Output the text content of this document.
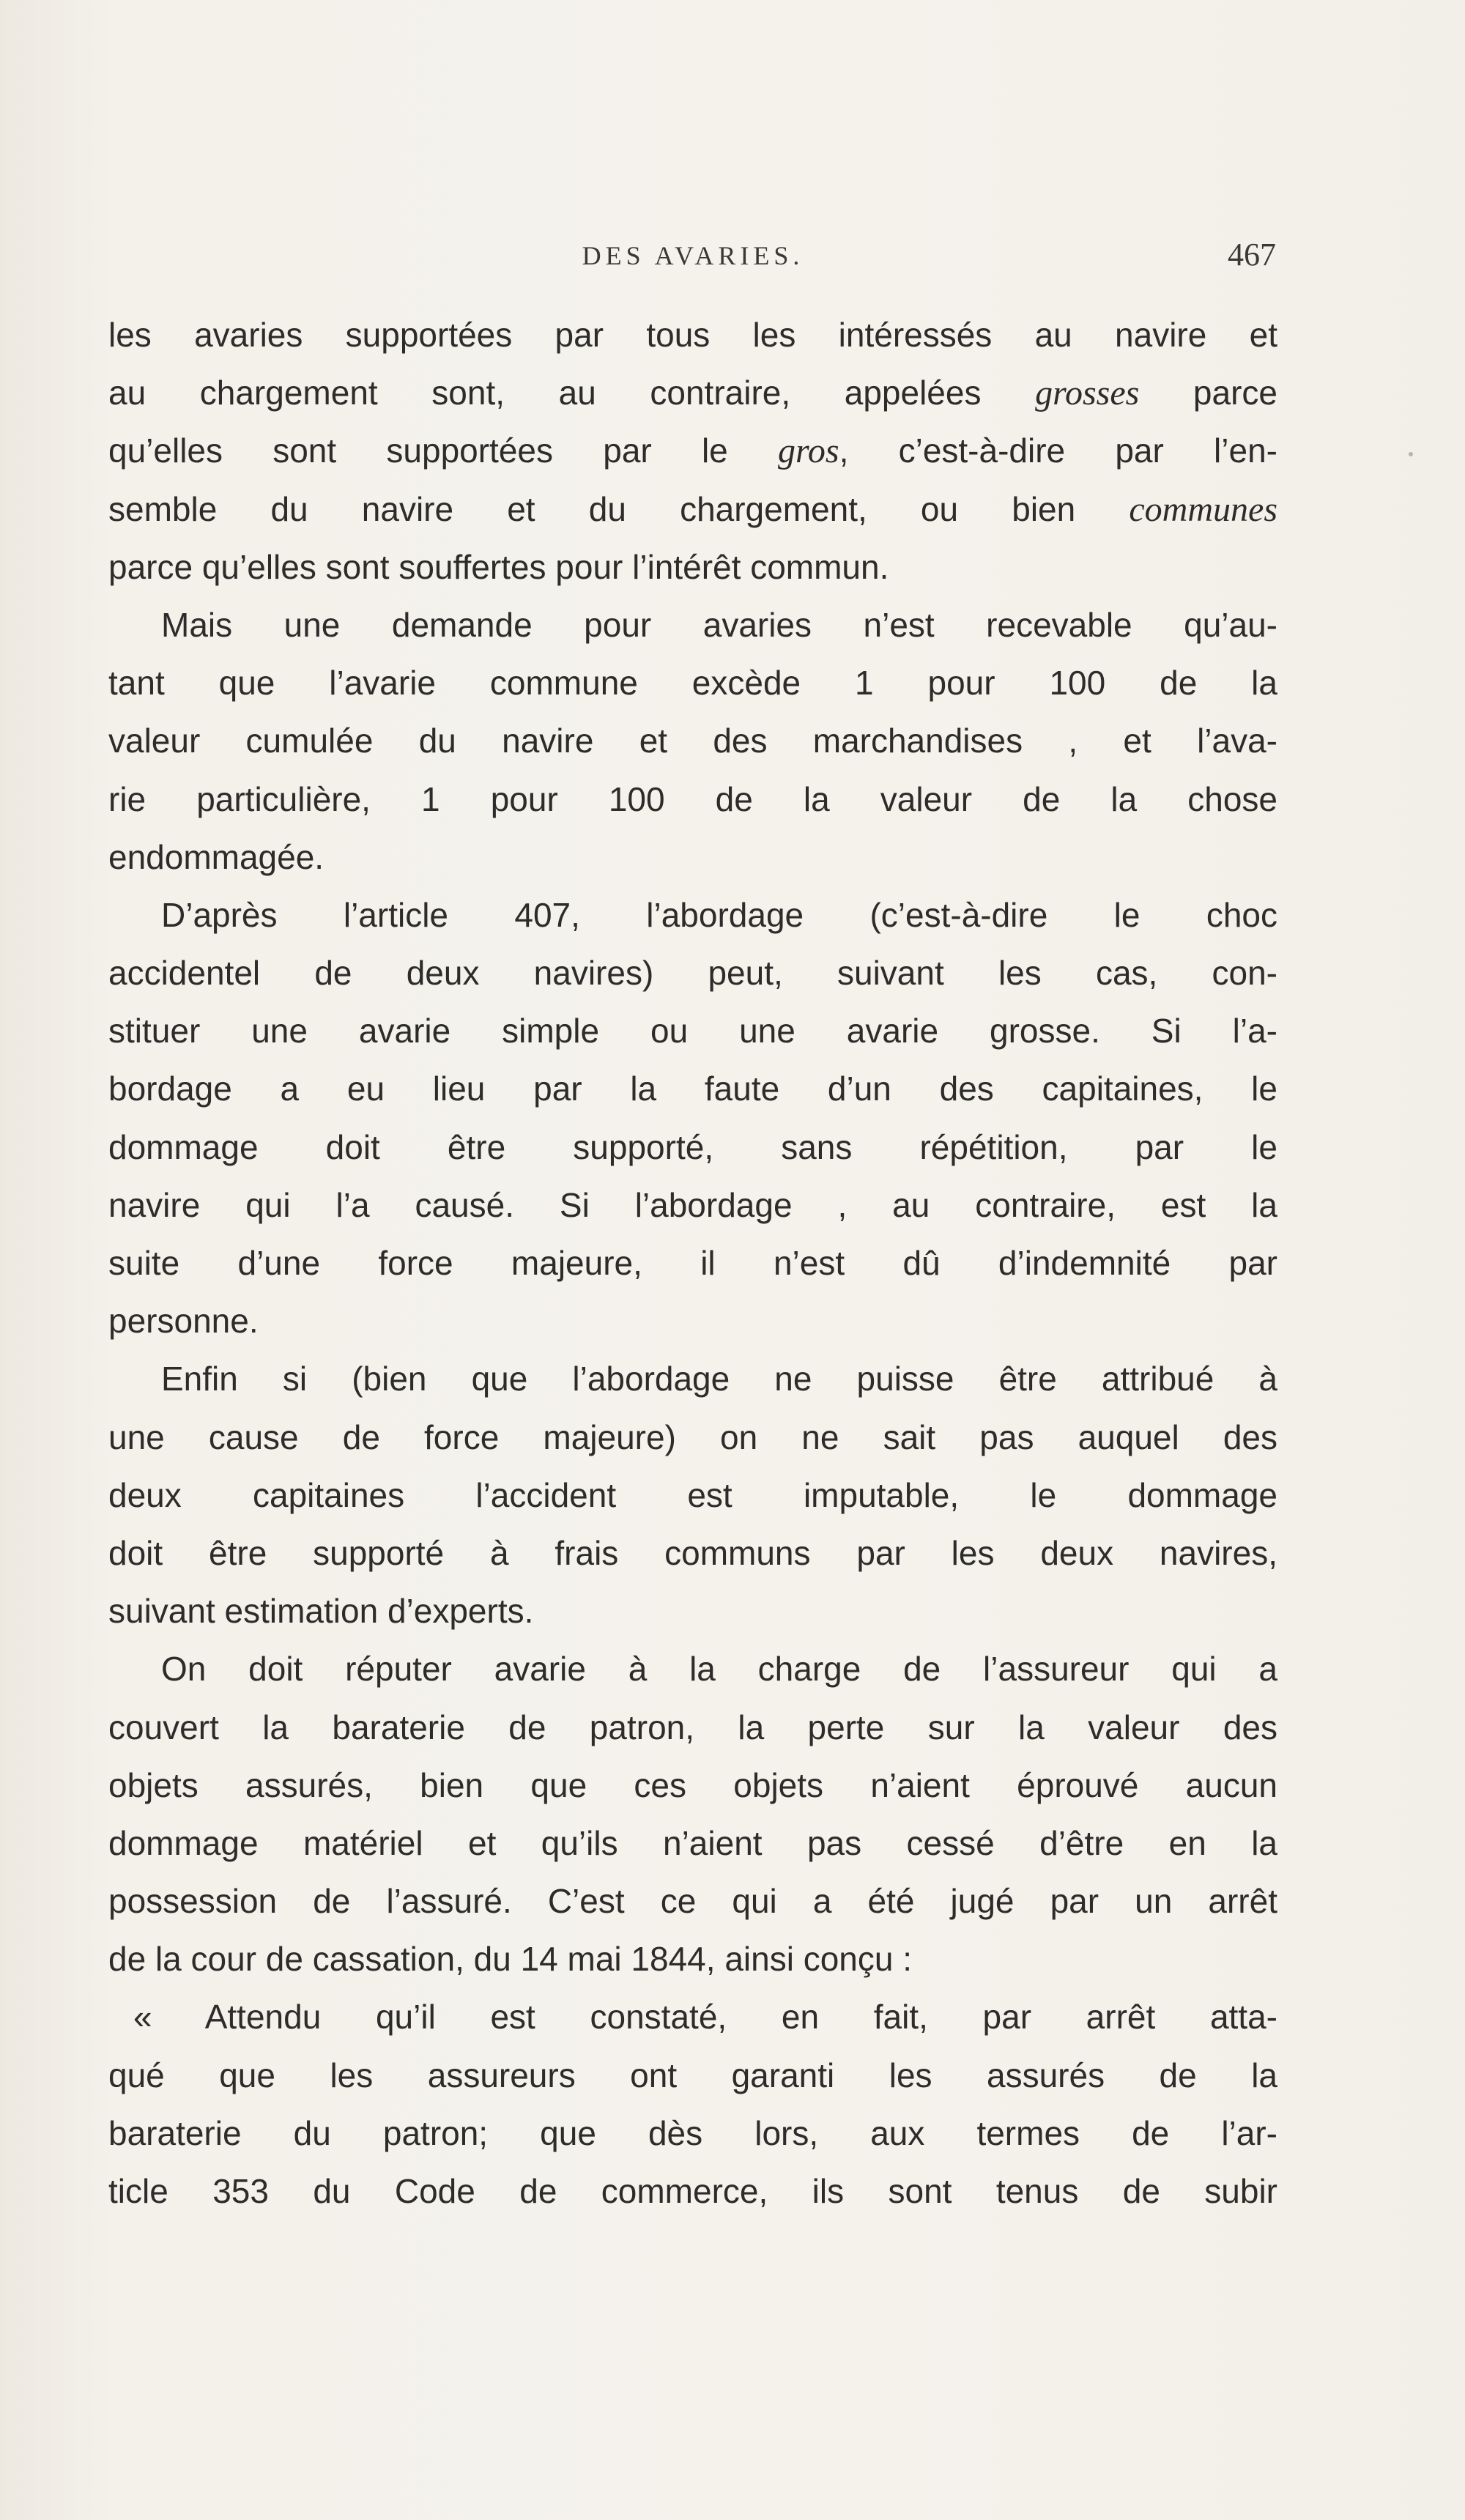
DES AVARIES.	467
les avaries supportées par tous les intéressés au navire et
au chargement sont, au contraire, appelées grosses parce
qu’elles sont supportées par le gros, c’est-à-dire par l’en-
semble du navire et du chargement, ou bien communes
parce qu’elles sont souffertes pour l’intérêt commun.
Mais une demande pour avaries n’est recevable qu’au-
tant que l’avarie commune excède 1 pour 100 de la
valeur cumulée du navire et des marchandises , et l’ava-
rie particulière, 1 pour 100 de la valeur de la chose
endommagée.
D’après l’article 407, l’abordage (c’est-à-dire le choc
accidentel de deux navires) peut, suivant les cas, con-
stituer une avarie simple ou une avarie grosse. Si l’a-
bordage a eu lieu par la faute d’un des capitaines, le
dommage doit être supporté, sans répétition, par le
navire qui l’a causé. Si l’abordage , au contraire, est la
suite d’une force majeure, il n’est dû d’indemnité par
personne.
Enfin si (bien que l’abordage ne puisse être attribué à
une cause de force majeure) on ne sait pas auquel des
deux capitaines l’accident est imputable, le dommage
doit être supporté à frais communs par les deux navires,
suivant estimation d’experts.
On doit réputer avarie à la charge de l’assureur qui a
couvert la baraterie de patron, la perte sur la valeur des
objets assurés, bien que ces objets n’aient éprouvé aucun
dommage matériel et qu’ils n’aient pas cessé d’être en la
possession de l’assuré. C’est ce qui a été jugé par un arrêt
de la cour de cassation, du 14 mai 1844, ainsi conçu :
« Attendu qu’il est constaté, en fait, par arrêt atta-
qué que les assureurs ont garanti les assurés de la
baraterie du patron; que dès lors, aux termes de l’ar-
ticle 353 du Code de commerce, ils sont tenus de subir
